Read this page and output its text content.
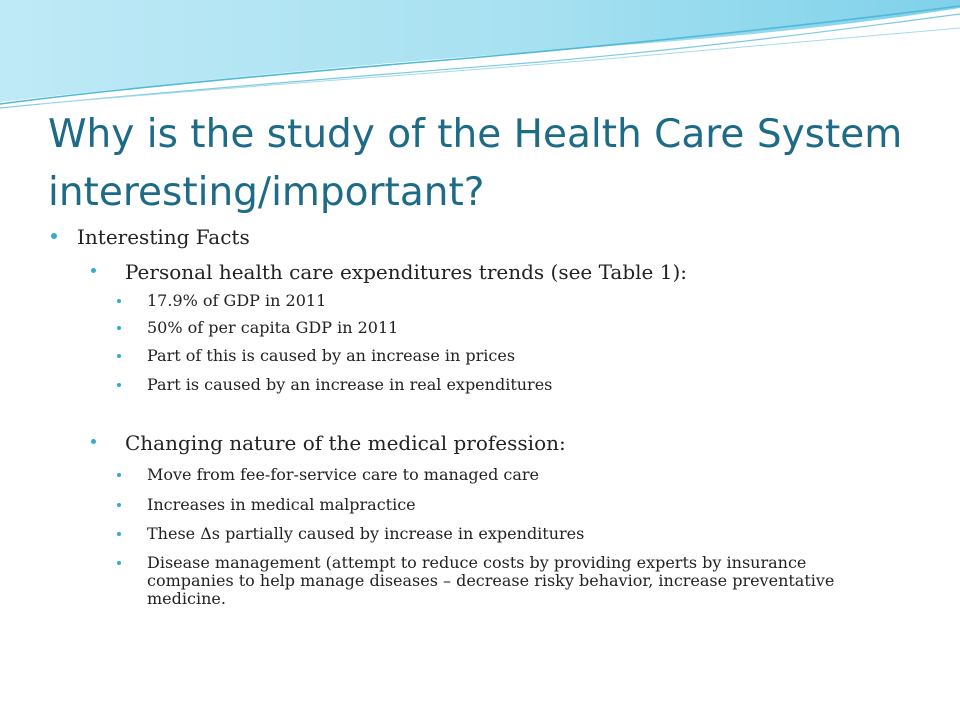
Why is the study of the Health Care System interesting/important?
Interesting Facts
Personal health care expenditures trends (see Table 1):
17.9% of GDP in 2011
50% of per capita GDP in 2011
Part of this is caused by an increase in prices
Part is caused by an increase in real expenditures
Changing nature of the medical profession:
Move from fee-for-service care to managed care
Increases in medical malpractice
These Δs partially caused by increase in expenditures
Disease management (attempt to reduce costs by providing experts by insurance companies to help manage diseases – decrease risky behavior, increase preventative medicine.
